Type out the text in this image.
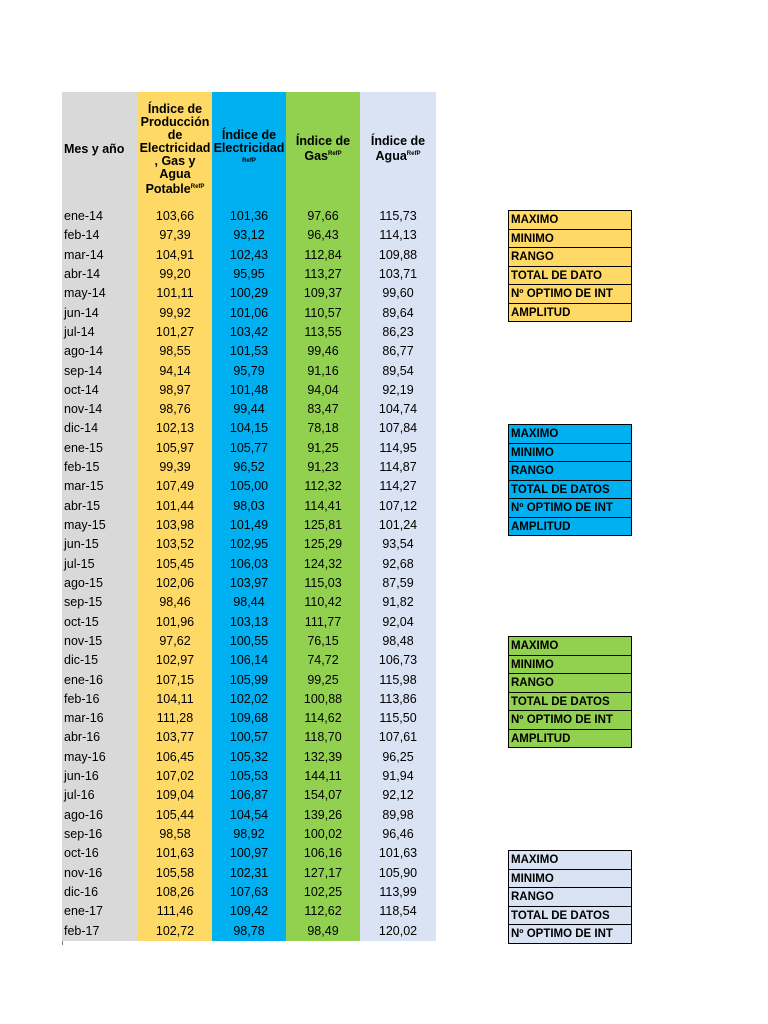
Mes y año
Índice de Producción de Electricidad , Gas y Agua Potable$^{RefP}$
Índice de Electricidad
$^{RefP}$
Índice de Gas$^{RefP}$
Índice de Agua$^{RefP}$
ene-14
feb-14
mar-14
abr-14
may-14
jun-14
jul-14
ago-14
sep-14
oct-14
nov-14
dic-14
ene-15
feb-15
mar-15
abr-15
may-15
jun-15
jul-15
ago-15
sep-15
oct-15
nov-15
dic-15
ene-16
feb-16
mar-16
abr-16
may-16
jun-16
jul-16
ago-16
sep-16
oct-16
nov-16
dic-16
ene-17
feb-17
103,66
97,39
104,91
99,20
101,11
99,92
101,27
98,55
94,14
98,97
98,76
102,13
105,97
99,39
107,49
101,44
103,98
103,52
105,45
102,06
98,46
101,96
97,62
102,97
107,15
104,11
111,28
103,77
106,45
107,02
109,04
105,44
98,58
101,63
105,58
108,26
111,46
102,72
101,36
93,12
102,43
95,95
100,29
101,06
103,42
101,53
95,79
101,48
99,44
104,15
105,77
96,52
105,00
98,03
101,49
102,95
106,03
103,97
98,44
103,13
100,55
106,14
105,99
102,02
109,68
100,57
105,32
105,53
106,87
104,54
98,92
100,97
102,31
107,63
109,42
98,78
97,66
96,43
112,84
113,27
109,37
110,57
113,55
99,46
91,16
94,04
83,47
78,18
91,25
91,23
112,32
114,41
125,81
125,29
124,32
115,03
110,42
111,77
76,15
74,72
99,25
100,88
114,62
118,70
132,39
144,11
154,07
139,26
100,02
106,16
127,17
102,25
112,62
98,49
115,73
114,13
109,88
103,71
99,60
89,64
86,23
86,77
89,54
92,19
104,74
107,84
114,95
114,87
114,27
107,12
101,24
93,54
92,68
87,59
91,82
92,04
98,48
106,73
115,98
113,86
115,50
107,61
96,25
91,94
92,12
89,98
96,46
101,63
105,90
113,99
118,54
120,02
MAXIMO
MINIMO
RANGO
TOTAL DE DATO
Nº OPTIMO DE INT
AMPLITUD
MAXIMO
MINIMO
RANGO
TOTAL DE DATOS
Nº OPTIMO DE INT
AMPLITUD
MAXIMO
MINIMO
RANGO
TOTAL DE DATOS
Nº OPTIMO DE INT
AMPLITUD
MAXIMO
MINIMO
RANGO
TOTAL DE DATOS
Nº OPTIMO DE INT
